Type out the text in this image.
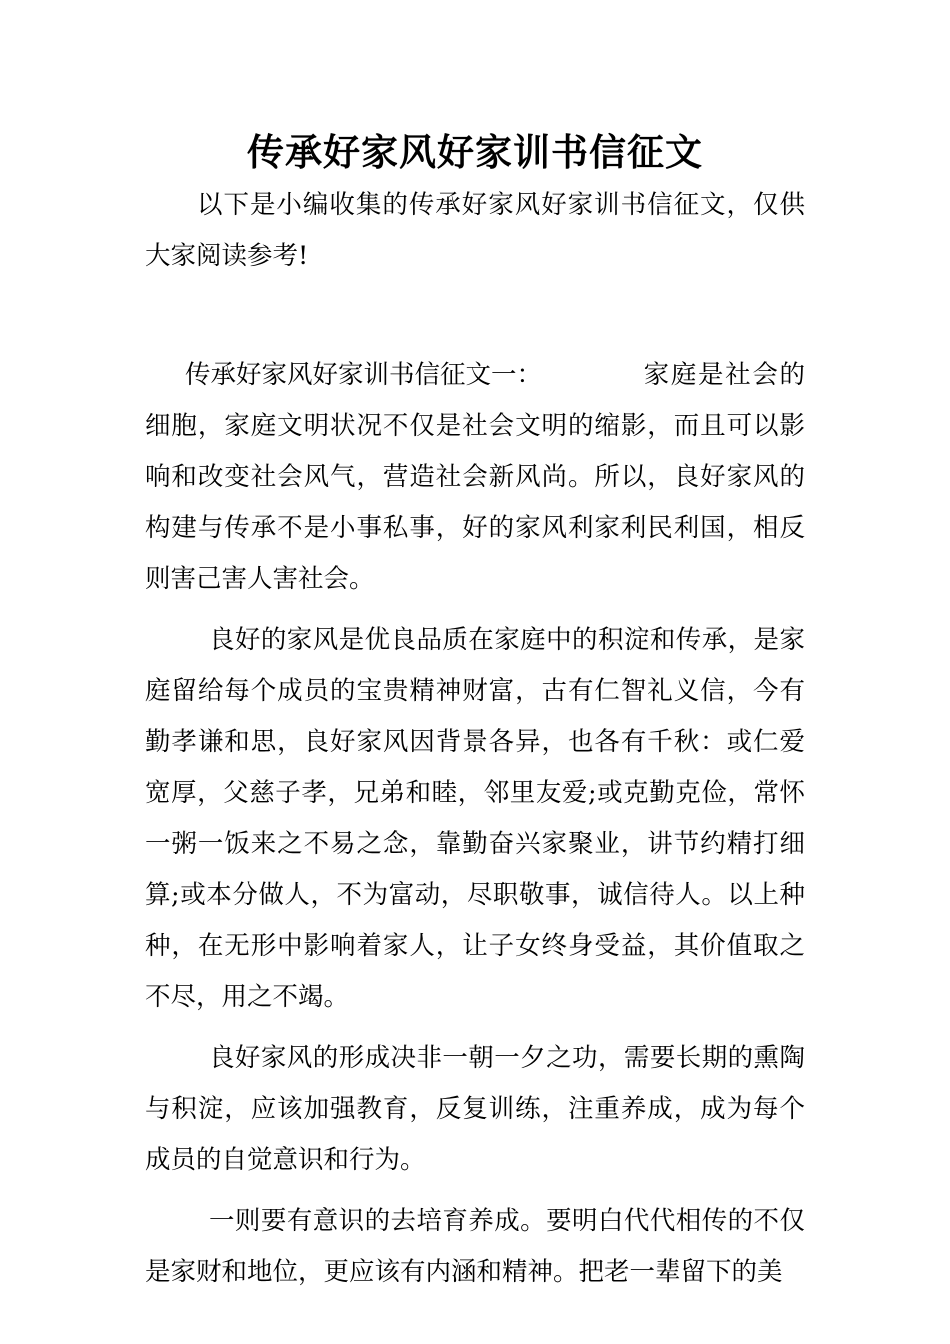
传承好家风好家训书信征文

以下是小编收集的传承好家风好家训书信征文，仅供大家阅读参考!

传承好家风好家训书信征文一：	家庭是社会的细胞，家庭文明状况不仅是社会文明的缩影，而且可以影响和改变社会风气，营造社会新风尚。所以，良好家风的构建与传承不是小事私事，好的家风利家利民利国，相反则害己害人害社会。

良好的家风是优良品质在家庭中的积淀和传承，是家庭留给每个成员的宝贵精神财富，古有仁智礼义信，今有勤孝谦和思，良好家风因背景各异，也各有千秋：或仁爱宽厚，父慈子孝，兄弟和睦，邻里友爱;或克勤克俭，常怀一粥一饭来之不易之念，靠勤奋兴家聚业，讲节约精打细算;或本分做人，不为富动，尽职敬事，诚信待人。以上种种，在无形中影响着家人，让子女终身受益，其价值取之不尽，用之不竭。

良好家风的形成决非一朝一夕之功，需要长期的熏陶与积淀，应该加强教育，反复训练，注重养成，成为每个成员的自觉意识和行为。

一则要有意识的去培育养成。要明白代代相传的不仅是家财和地位，更应该有内涵和精神。把老一辈留下的美
